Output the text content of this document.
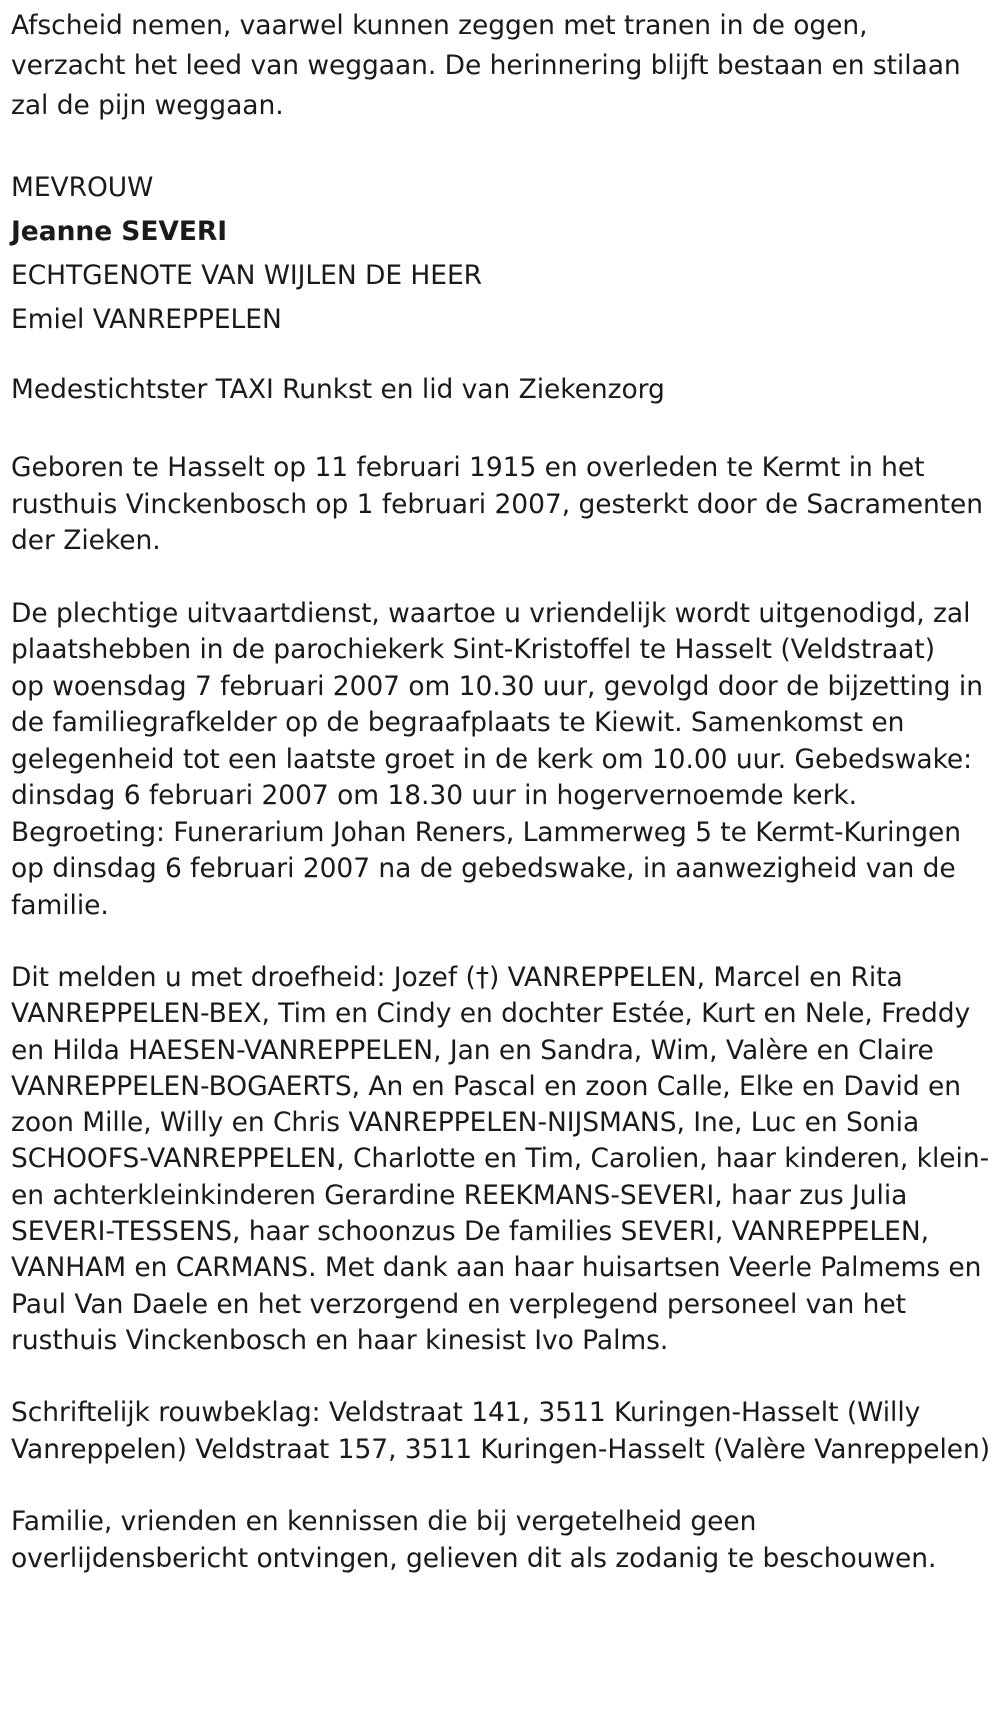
Afscheid nemen, vaarwel kunnen zeggen met tranen in de ogen,
verzacht het leed van weggaan. De herinnering blijft bestaan en stilaan
zal de pijn weggaan.

MEVROUW
Jeanne SEVERI
ECHTGENOTE VAN WIJLEN DE HEER
Emiel VANREPPELEN

Medestichtster TAXI Runkst en lid van Ziekenzorg

Geboren te Hasselt op 11 februari 1915 en overleden te Kermt in het
rusthuis Vinckenbosch op 1 februari 2007, gesterkt door de Sacramenten
der Zieken.

De plechtige uitvaartdienst, waartoe u vriendelijk wordt uitgenodigd, zal
plaatshebben in de parochiekerk Sint-Kristoffel te Hasselt (Veldstraat)
op woensdag 7 februari 2007 om 10.30 uur, gevolgd door de bijzetting in
de familiegrafkelder op de begraafplaats te Kiewit. Samenkomst en
gelegenheid tot een laatste groet in de kerk om 10.00 uur. Gebedswake:
dinsdag 6 februari 2007 om 18.30 uur in hogervernoemde kerk.
Begroeting: Funerarium Johan Reners, Lammerweg 5 te Kermt-Kuringen
op dinsdag 6 februari 2007 na de gebedswake, in aanwezigheid van de
familie.

Dit melden u met droefheid: Jozef (†) VANREPPELEN, Marcel en Rita
VANREPPELEN-BEX, Tim en Cindy en dochter Estée, Kurt en Nele, Freddy
en Hilda HAESEN-VANREPPELEN, Jan en Sandra, Wim, Valère en Claire
VANREPPELEN-BOGAERTS, An en Pascal en zoon Calle, Elke en David en
zoon Mille, Willy en Chris VANREPPELEN-NIJSMANS, Ine, Luc en Sonia
SCHOOFS-VANREPPELEN, Charlotte en Tim, Carolien, haar kinderen, klein-
en achterkleinkinderen Gerardine REEKMANS-SEVERI, haar zus Julia
SEVERI-TESSENS, haar schoonzus De families SEVERI, VANREPPELEN,
VANHAM en CARMANS. Met dank aan haar huisartsen Veerle Palmems en
Paul Van Daele en het verzorgend en verplegend personeel van het
rusthuis Vinckenbosch en haar kinesist Ivo Palms.

Schriftelijk rouwbeklag: Veldstraat 141, 3511 Kuringen-Hasselt (Willy
Vanreppelen) Veldstraat 157, 3511 Kuringen-Hasselt (Valère Vanreppelen)

Familie, vrienden en kennissen die bij vergetelheid geen
overlijdensbericht ontvingen, gelieven dit als zodanig te beschouwen.
